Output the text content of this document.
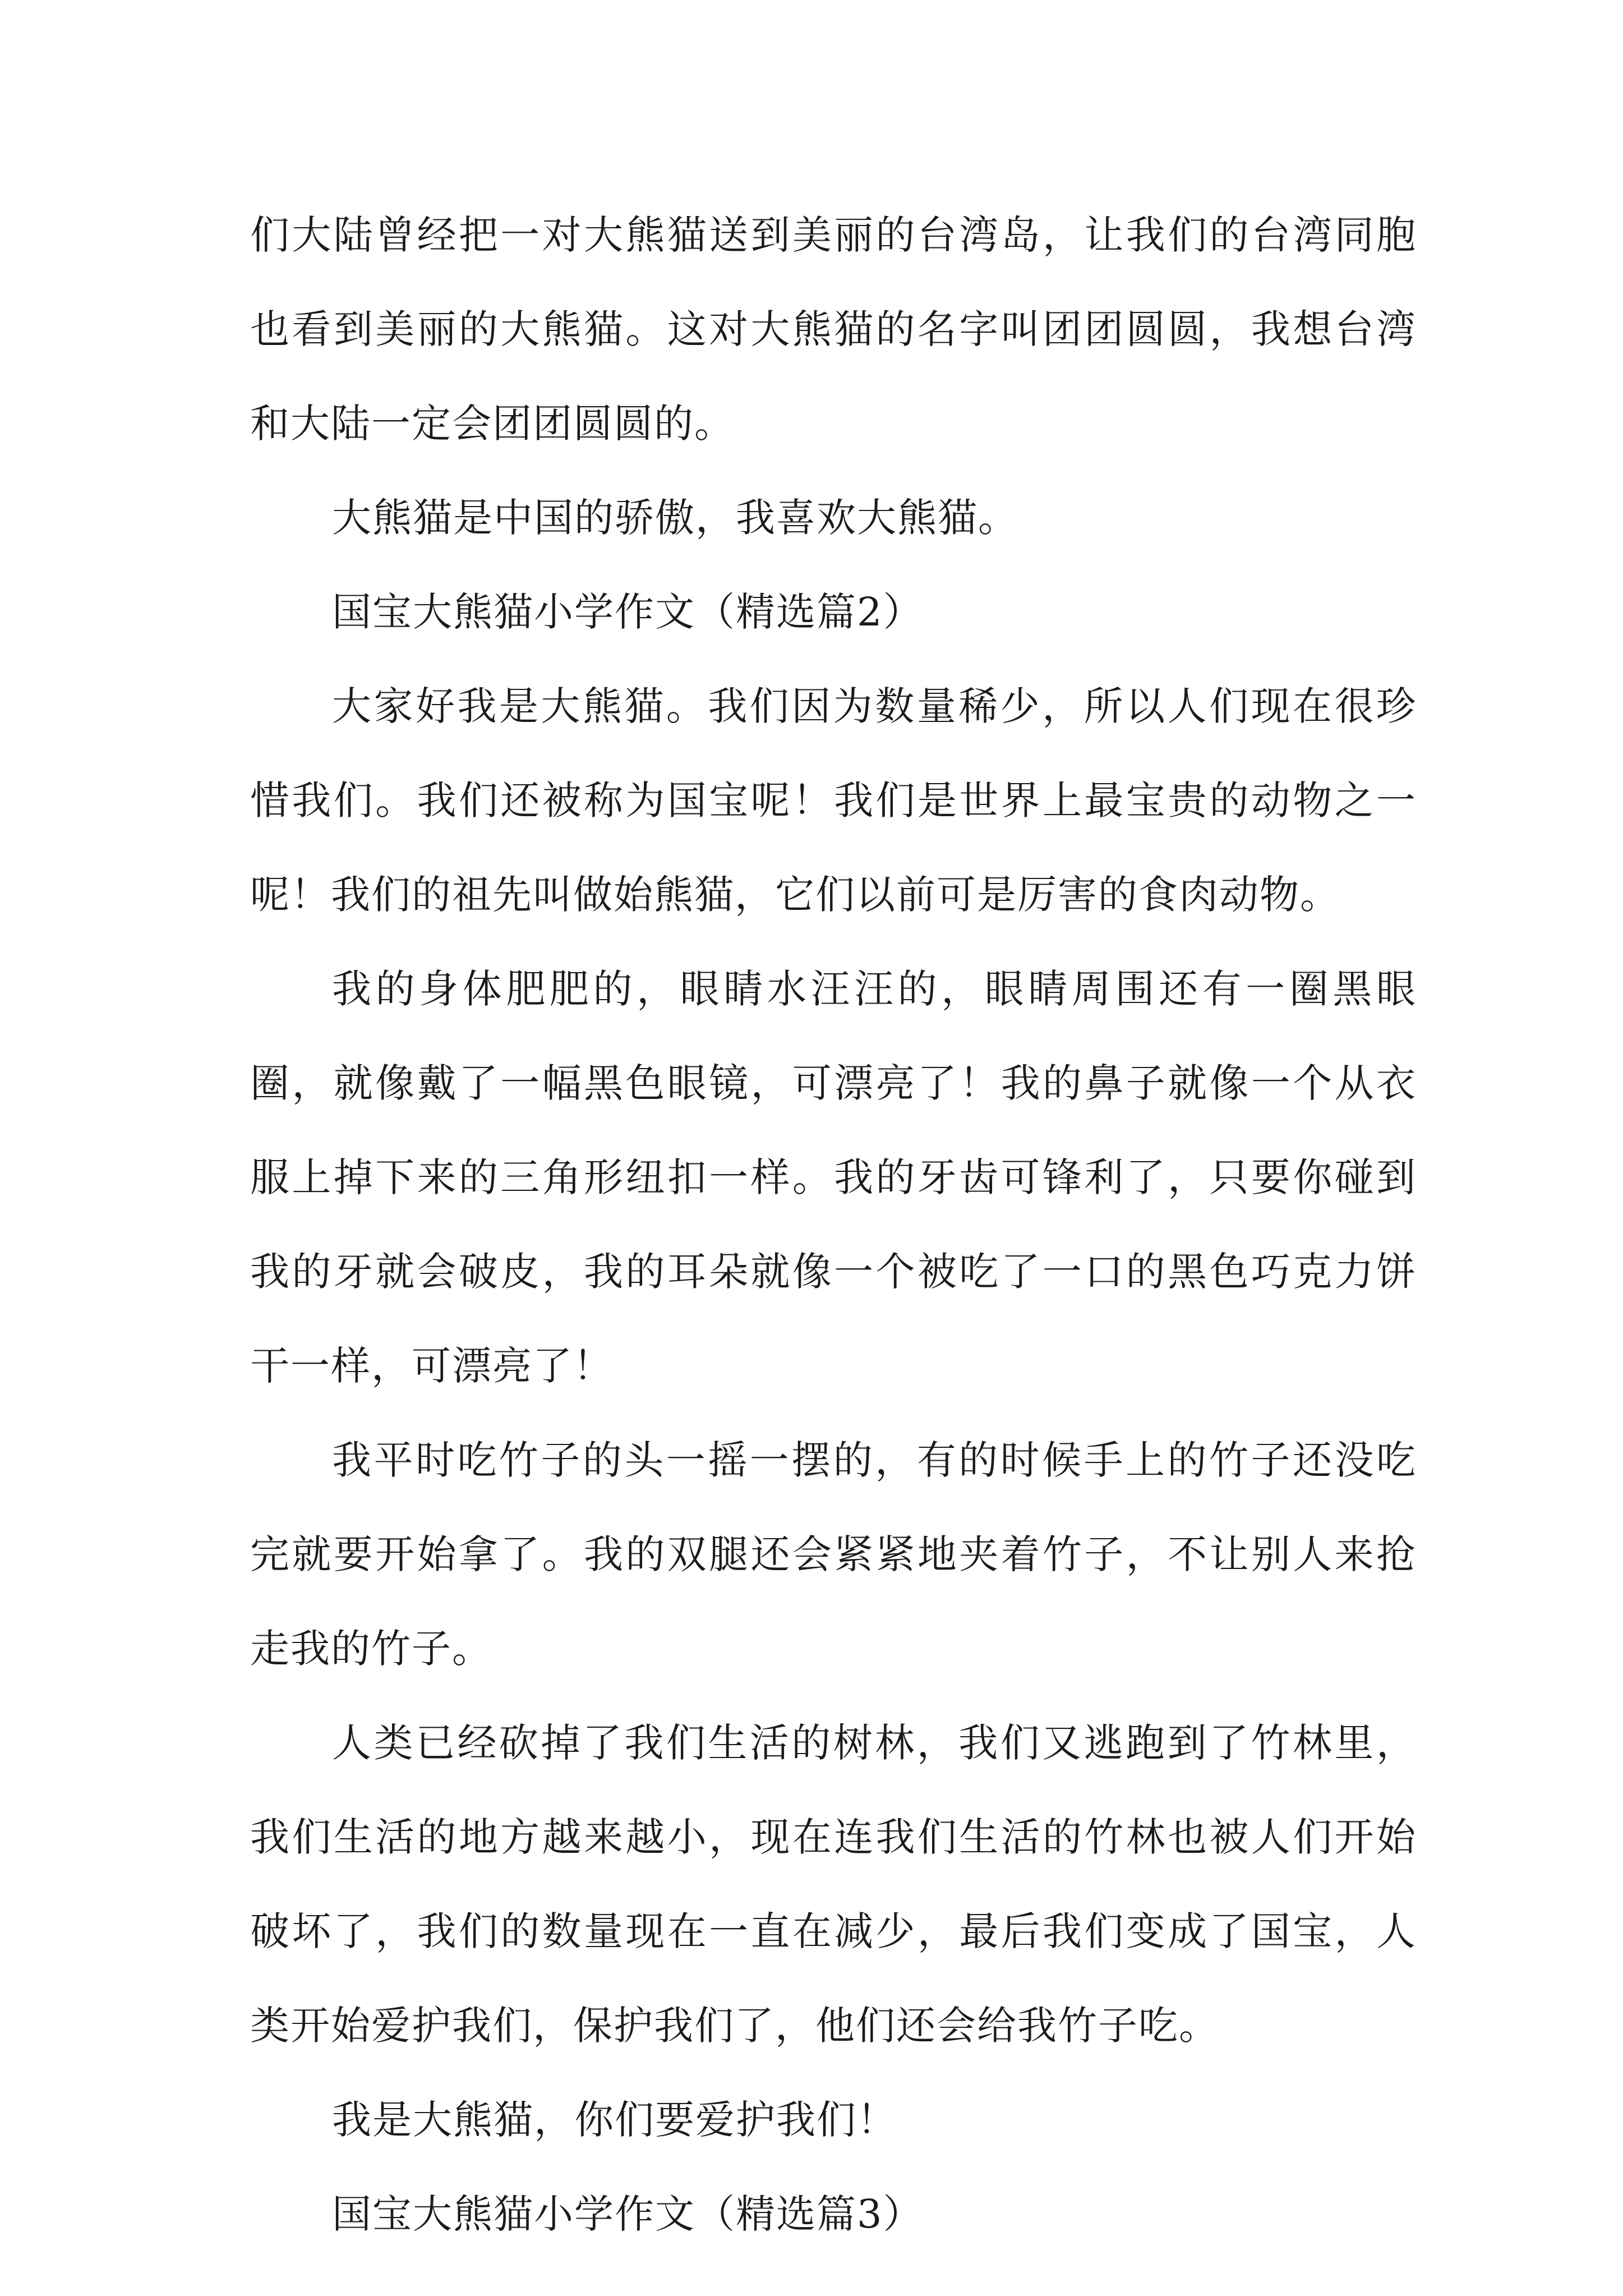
们大陆曾经把一对大熊猫送到美丽的台湾岛，让我们的台湾同胞也看到美丽的大熊猫。这对大熊猫的名字叫团团圆圆，我想台湾和大陆一定会团团圆圆的。

大熊猫是中国的骄傲，我喜欢大熊猫。

国宝大熊猫小学作文（精选篇2）

大家好我是大熊猫。我们因为数量稀少，所以人们现在很珍惜我们。我们还被称为国宝呢！我们是世界上最宝贵的动物之一呢！我们的祖先叫做始熊猫，它们以前可是厉害的食肉动物。

我的身体肥肥的，眼睛水汪汪的，眼睛周围还有一圈黑眼圈，就像戴了一幅黑色眼镜，可漂亮了！我的鼻子就像一个从衣服上掉下来的三角形纽扣一样。我的牙齿可锋利了，只要你碰到我的牙就会破皮，我的耳朵就像一个被吃了一口的黑色巧克力饼干一样，可漂亮了！

我平时吃竹子的头一摇一摆的，有的时候手上的竹子还没吃完就要开始拿了。我的双腿还会紧紧地夹着竹子，不让别人来抢走我的竹子。

人类已经砍掉了我们生活的树林，我们又逃跑到了竹林里，我们生活的地方越来越小，现在连我们生活的竹林也被人们开始破坏了，我们的数量现在一直在减少，最后我们变成了国宝，人类开始爱护我们，保护我们了，他们还会给我竹子吃。

我是大熊猫，你们要爱护我们！

国宝大熊猫小学作文（精选篇3）
